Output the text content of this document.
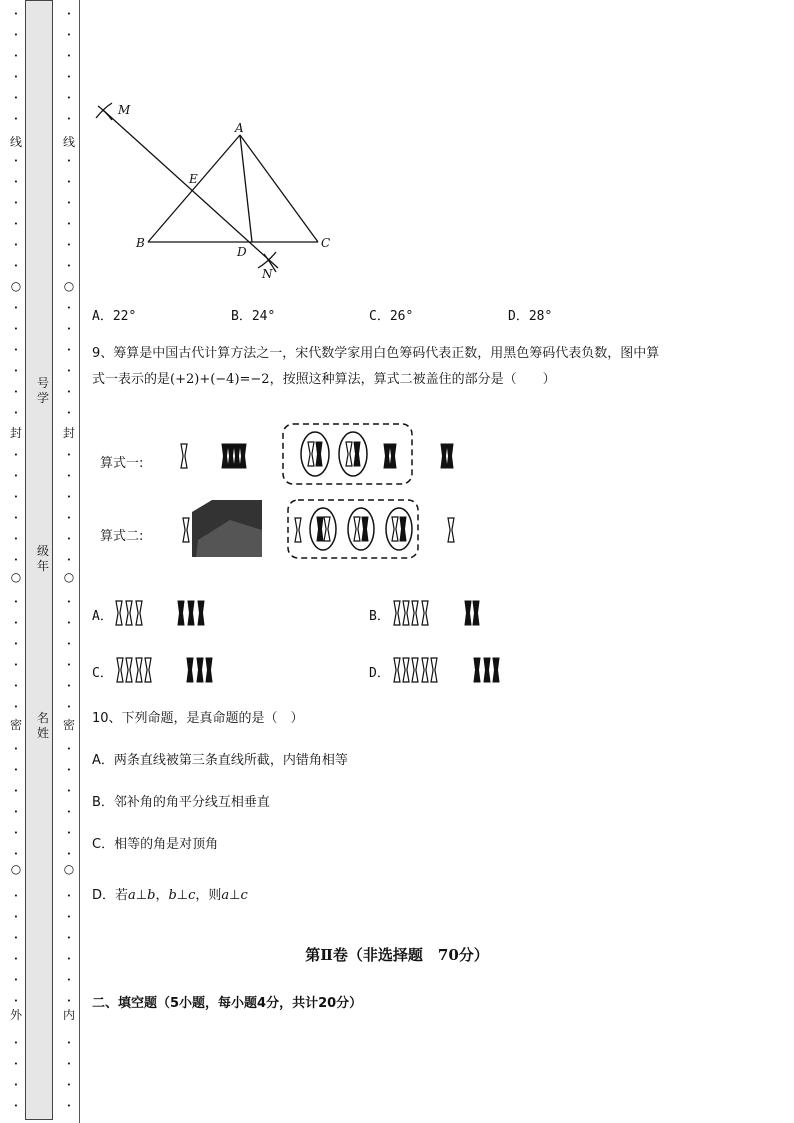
•
•
•
•
•
•
•
•
•
•
•
•
•
•
•
•
•
•
•
•
•
•
•
•
•
•
•
•
•
•
•
•
•
•
•
•
•
•
•
•
•
•
•
•
•
•
•
•
•
•
•
•
•
•
•
•
•
•
•
•
•
•
•
•
•
•
•
•
•
•
•
•
•
•
•
•
•
•
•
•
•
•
•
•
•
•
•
•
•
•
•
•
线
○
封
○
密
○
外
线
○
封
○
密
○
内
号
学
级
年
名
姓
M
A
E
B
D
C
N
A．22°	B．24°	C．26°	D．28°
9、筹算是中国古代计算方法之一，宋代数学家用白色筹码代表正数，用黑色筹码代表负数，图中算
式一表示的是(+2)+(−4)=−2，按照这种算法，算式二被盖住的部分是（　　）
算式一:
算式二:
A．	B．
C．	D．
10、下列命题，是真命题的是（　）
A．两条直线被第三条直线所截，内错角相等
B．邻补角的角平分线互相垂直
C．相等的角是对顶角
D．若a⊥b，b⊥c，则a⊥c
第Ⅱ卷（非选择题　70分）
二、填空题（5小题，每小题4分，共计20分）
